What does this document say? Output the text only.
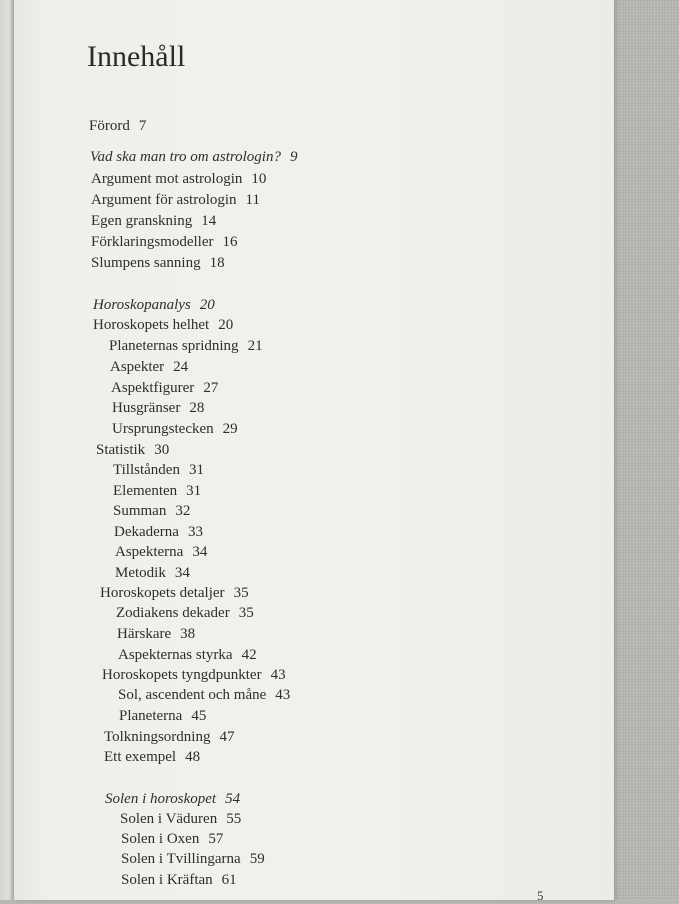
Innehåll
Förord 7
Vad ska man tro om astrologin? 9
Argument mot astrologin 10
Argument för astrologin 11
Egen granskning 14
Förklaringsmodeller 16
Slumpens sanning 18
Horoskopanalys 20
Horoskopets helhet 20
Planeternas spridning 21
Aspekter 24
Aspektfigurer 27
Husgränser 28
Ursprungstecken 29
Statistik 30
Tillstånden 31
Elementen 31
Summan 32
Dekaderna 33
Aspekterna 34
Metodik 34
Horoskopets detaljer 35
Zodiakens dekader 35
Härskare 38
Aspekternas styrka 42
Horoskopets tyngdpunkter 43
Sol, ascendent och måne 43
Planeterna 45
Tolkningsordning 47
Ett exempel 48
Solen i horoskopet 54
Solen i Väduren 55
Solen i Oxen 57
Solen i Tvillingarna 59
Solen i Kräftan 61
5
